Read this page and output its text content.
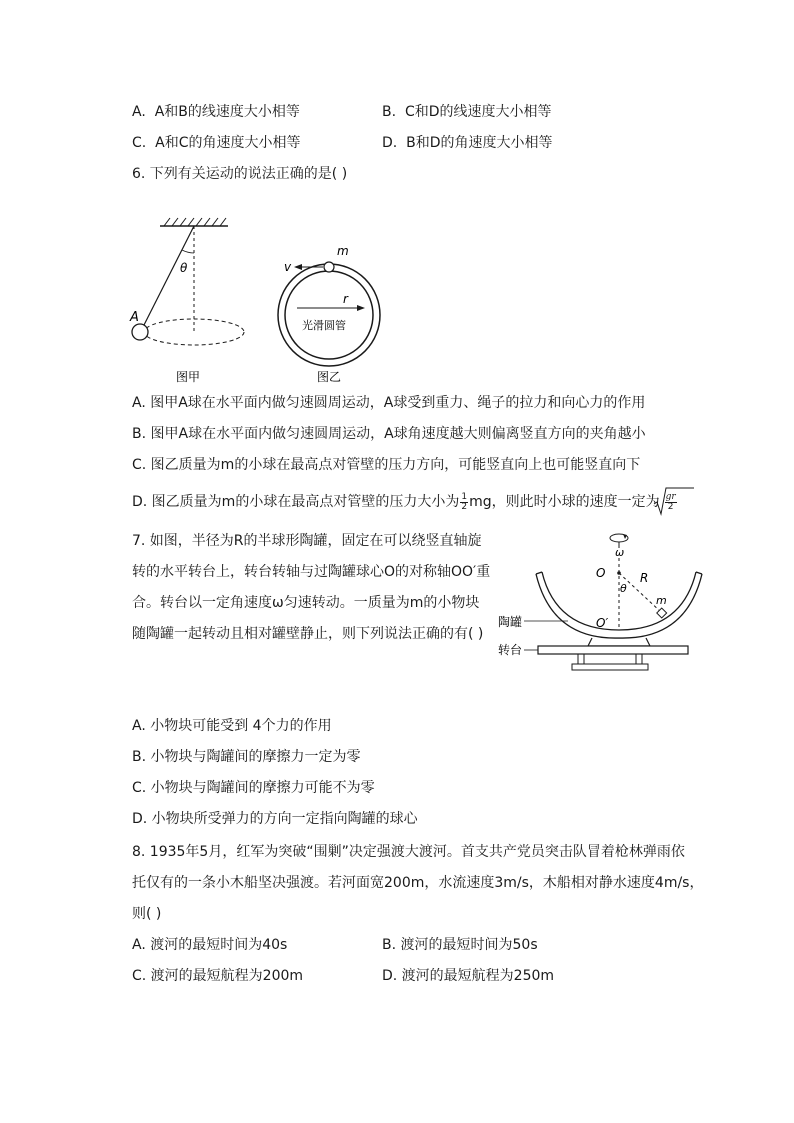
A. A和B的线速度大小相等	B. C和D的线速度大小相等
C. A和C的角速度大小相等	D. B和D的角速度大小相等
6. 下列有关运动的说法正确的是( )
θ
A
图甲
m
v
r
光滑圆管
图乙
A. 图甲A球在水平面内做匀速圆周运动，A球受到重力、绳子的拉力和向心力的作用
B. 图甲A球在水平面内做匀速圆周运动，A球角速度越大则偏离竖直方向的夹角越小
C. 图乙质量为m的小球在最高点对管壁的压力方向，可能竖直向上也可能竖直向下
D. 图乙质量为m的小球在最高点对管壁的压力大小为 $\frac{1}{2}$ mg，则此时小球的速度一定为 $\frac{gr}{2}$
7. 如图，半径为R的半球形陶罐，固定在可以绕竖直轴旋
转的水平转台上，转台转轴与过陶罐球心O的对称轴OO′重
合。转台以一定角速度ω匀速转动。一质量为m的小物块
随陶罐一起转动且相对罐壁静止，则下列说法正确的有( )
ω
O
θ
R
m
O′
陶罐
转台
A. 小物块可能受到 4个力的作用
B. 小物块与陶罐间的摩擦力一定为零
C. 小物块与陶罐间的摩擦力可能不为零
D. 小物块所受弹力的方向一定指向陶罐的球心
8. 1935年5月，红军为突破“围剿”决定强渡大渡河。首支共产党员突击队冒着枪林弹雨依
托仅有的一条小木船坚决强渡。若河面宽200m，水流速度3m/s，木船相对静水速度4m/s，
则( )
A. 渡河的最短时间为40s	B. 渡河的最短时间为50s
C. 渡河的最短航程为200m	D. 渡河的最短航程为250m
